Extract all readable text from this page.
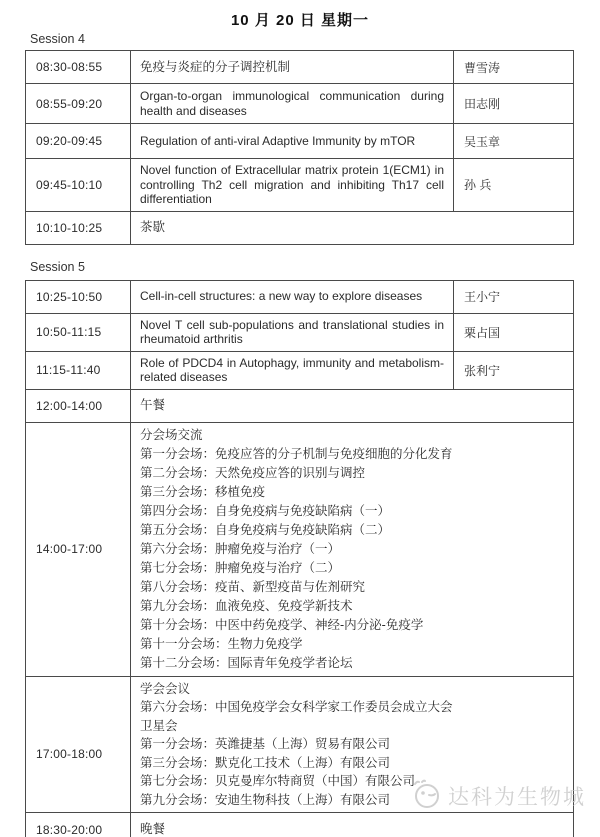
10 月 20 日 星期一
Session 4
08:30-08:55	免疫与炎症的分子调控机制	曹雪涛
08:55-09:20	Organ-to-organ immunological communication during health and diseases	田志刚
09:20-09:45	Regulation of anti-viral Adaptive Immunity by mTOR	吴玉章
09:45-10:10	Novel function of Extracellular matrix protein 1(ECM1) in controlling Th2 cell migration and inhibiting Th17 cell differentiation	孙 兵
10:10-10:25	茶歇	
Session 5
10:25-10:50	Cell-in-cell structures: a new way to explore diseases	王小宁
10:50-11:15	Novel T cell sub-populations and translational studies in rheumatoid arthritis	栗占国
11:15-11:40	Role of PDCD4 in Autophagy, immunity and metabolism-related diseases	张利宁
12:00-14:00	午餐	
14:00-17:00	
分会场交流
第一分会场：免疫应答的分子机制与免疫细胞的分化发育
第二分会场：天然免疫应答的识别与调控
第三分会场：移植免疫
第四分会场：自身免疫病与免疫缺陷病（一）
第五分会场：自身免疫病与免疫缺陷病（二）
第六分会场：肿瘤免疫与治疗（一）
第七分会场：肿瘤免疫与治疗（二）
第八分会场：疫苗、新型疫苗与佐剂研究
第九分会场：血液免疫、免疫学新技术
第十分会场：中医中药免疫学、神经-内分泌-免疫学
第十一分会场：生物力免疫学
第十二分会场：国际青年免疫学者论坛

17:00-18:00	
学会会议
第六分会场：中国免疫学会女科学家工作委员会成立大会
卫星会
第一分会场：英潍捷基（上海）贸易有限公司
第三分会场：默克化工技术（上海）有限公司
第七分会场：贝克曼库尔特商贸（中国）有限公司
第九分会场：安迪生物科技（上海）有限公司

18:30-20:00	晚餐	
达科为生物城
